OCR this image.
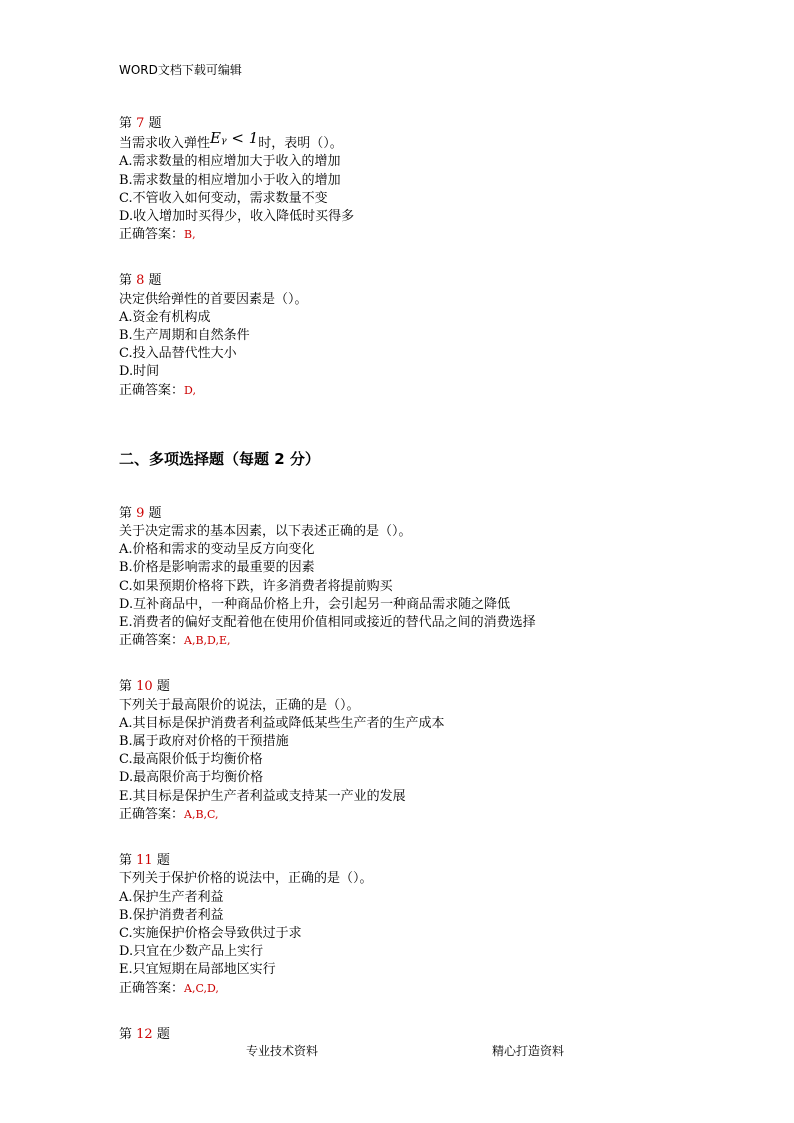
WORD文档下载可编辑
第 7 题
当需求收入弹性Eᵧ < 1时，表明（）。
A.需求数量的相应增加大于收入的增加
B.需求数量的相应增加小于收入的增加
C.不管收入如何变动，需求数量不变
D.收入增加时买得少，收入降低时买得多
正确答案：B,
第 8 题
决定供给弹性的首要因素是（）。
A.资金有机构成
B.生产周期和自然条件
C.投入品替代性大小
D.时间
正确答案：D,
二、多项选择题（每题 2 分）
第 9 题
关于决定需求的基本因素，以下表述正确的是（）。
A.价格和需求的变动呈反方向变化
B.价格是影响需求的最重要的因素
C.如果预期价格将下跌，许多消费者将提前购买
D.互补商品中，一种商品价格上升，会引起另一种商品需求随之降低
E.消费者的偏好支配着他在使用价值相同或接近的替代品之间的消费选择
正确答案：A,B,D,E,
第 10 题
下列关于最高限价的说法，正确的是（）。
A.其目标是保护消费者利益或降低某些生产者的生产成本
B.属于政府对价格的干预措施
C.最高限价低于均衡价格
D.最高限价高于均衡价格
E.其目标是保护生产者利益或支持某一产业的发展
正确答案：A,B,C,
第 11 题
下列关于保护价格的说法中，正确的是（）。
A.保护生产者利益
B.保护消费者利益
C.实施保护价格会导致供过于求
D.只宜在少数产品上实行
E.只宜短期在局部地区实行
正确答案：A,C,D,
第 12 题
专业技术资料	精心打造资料
